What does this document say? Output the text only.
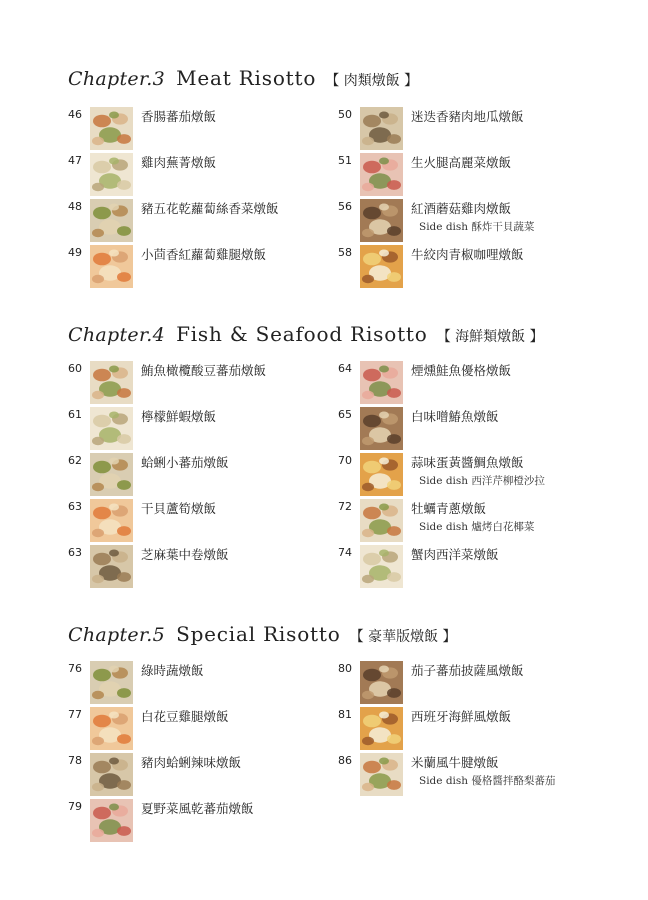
Chapter.3 Meat Risotto 【 肉類燉飯 】
Chapter.4 Fish & Seafood Risotto 【 海鮮類燉飯 】
Chapter.5 Special Risotto 【 豪華版燉飯 】
46	香腸蕃茄燉飯
47	雞肉蕪菁燉飯
48	豬五花乾蘿蔔絲香菜燉飯
49	小茴香紅蘿蔔雞腿燉飯
50	迷迭香豬肉地瓜燉飯
51	生火腿高麗菜燉飯
56	紅酒蘑菇雞肉燉飯
Side dish 酥炸干貝蔬菜
58	牛絞肉青椒咖哩燉飯
60	鮪魚橄欖酸豆蕃茄燉飯
61	檸檬鮮蝦燉飯
62	蛤蜊小蕃茄燉飯
63	干貝蘆筍燉飯
63	芝麻葉中卷燉飯
64	煙燻鮭魚優格燉飯
65	白味噌鰆魚燉飯
70	蒜味蛋黃醬鯛魚燉飯
Side dish 西洋芹柳橙沙拉
72	牡蠣青蔥燉飯
Side dish 爐烤白花椰菜
74	蟹肉西洋菜燉飯
76	綠時蔬燉飯
77	白花豆雞腿燉飯
78	豬肉蛤蜊辣味燉飯
79	夏野菜風乾蕃茄燉飯
80	茄子蕃茄披薩風燉飯
81	西班牙海鮮風燉飯
86	米蘭風牛腱燉飯
Side dish 優格醬拌酪梨蕃茄
